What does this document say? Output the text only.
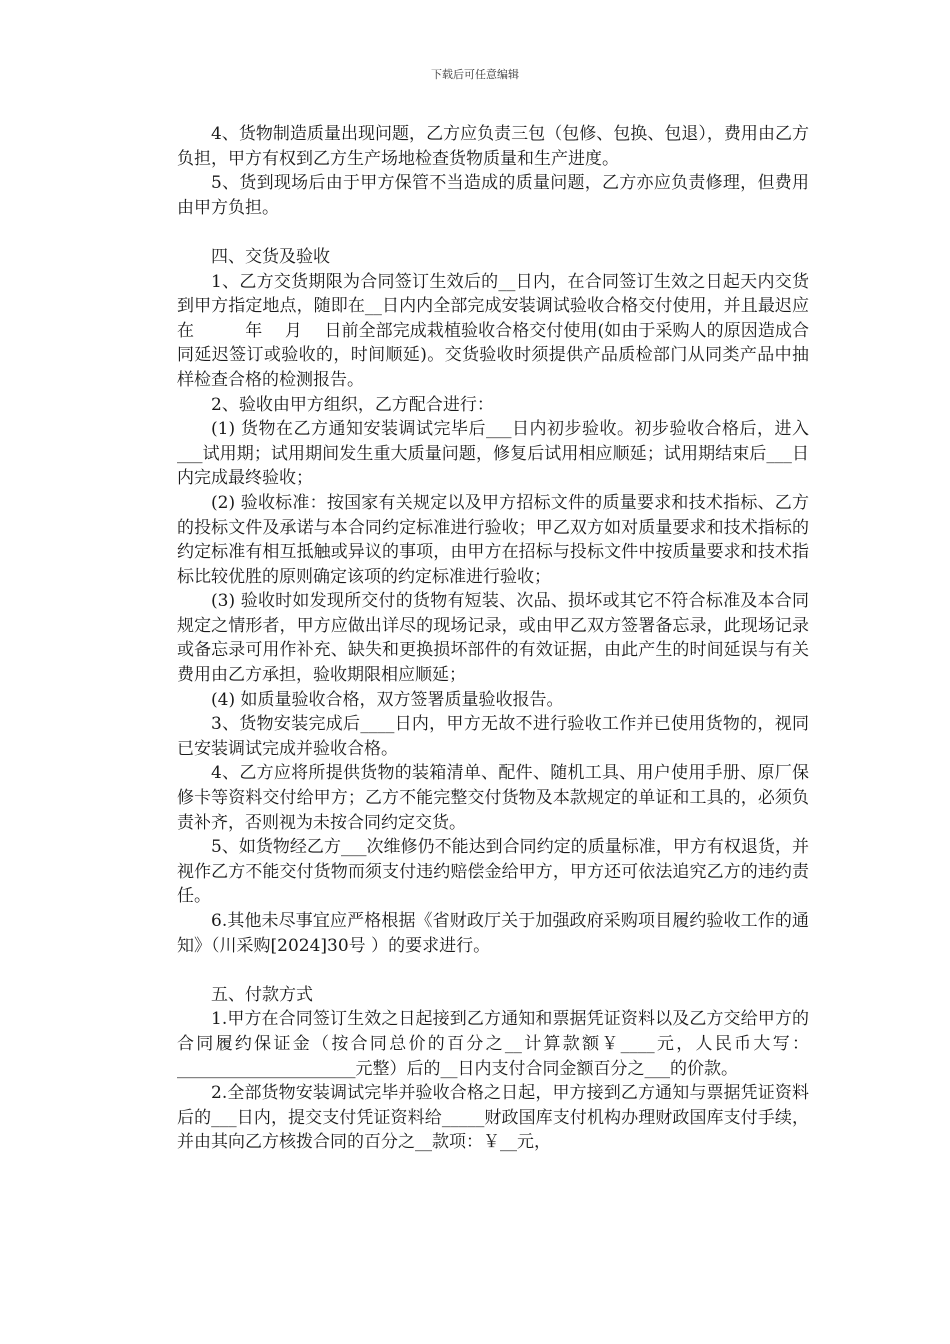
下载后可任意编辑

4、货物制造质量出现问题，乙方应负责三包（包修、包换、包退），费用由乙方负担，甲方有权到乙方生产场地检查货物质量和生产进度。

5、货到现场后由于甲方保管不当造成的质量问题，乙方亦应负责修理，但费用由甲方负担。

四、交货及验收

1、乙方交货期限为合同签订生效后的__日内，在合同签订生效之日起天内交货到甲方指定地点，随即在__日内内全部完成安装调试验收合格交付使用，并且最迟应在　　　年　 月　 日前全部完成栽植验收合格交付使用(如由于采购人的原因造成合同延迟签订或验收的，时间顺延)。交货验收时须提供产品质检部门从同类产品中抽样检查合格的检测报告。

2、验收由甲方组织，乙方配合进行：

(1) 货物在乙方通知安装调试完毕后___日内初步验收。初步验收合格后，进入___试用期；试用期间发生重大质量问题，修复后试用相应顺延；试用期结束后___日内完成最终验收；

(2) 验收标准：按国家有关规定以及甲方招标文件的质量要求和技术指标、乙方的投标文件及承诺与本合同约定标准进行验收；甲乙双方如对质量要求和技术指标的约定标准有相互抵触或异议的事项，由甲方在招标与投标文件中按质量要求和技术指标比较优胜的原则确定该项的约定标准进行验收；

(3) 验收时如发现所交付的货物有短装、次品、损坏或其它不符合标准及本合同规定之情形者，甲方应做出详尽的现场记录，或由甲乙双方签署备忘录，此现场记录或备忘录可用作补充、缺失和更换损坏部件的有效证据，由此产生的时间延误与有关费用由乙方承担，验收期限相应顺延；

(4) 如质量验收合格，双方签署质量验收报告。

3、货物安装完成后____日内，甲方无故不进行验收工作并已使用货物的，视同已安装调试完成并验收合格。

4、乙方应将所提供货物的装箱清单、配件、随机工具、用户使用手册、原厂保修卡等资料交付给甲方；乙方不能完整交付货物及本款规定的单证和工具的，必须负责补齐，否则视为未按合同约定交货。

5、如货物经乙方___次维修仍不能达到合同约定的质量标准，甲方有权退货，并视作乙方不能交付货物而须支付违约赔偿金给甲方，甲方还可依法追究乙方的违约责任。

6.其他未尽事宜应严格根据《省财政厅关于加强政府采购项目履约验收工作的通知》（川采购[2024]30号 ）的要求进行。

五、付款方式

1.甲方在合同签订生效之日起接到乙方通知和票据凭证资料以及乙方交给甲方的合同履约保证金（按合同总价的百分之__计算款额￥____元，人民币大写：_____________________元整）后的__日内支付合同金额百分之___的价款。

2.全部货物安装调试完毕并验收合格之日起，甲方接到乙方通知与票据凭证资料后的___日内，提交支付凭证资料给_____财政国库支付机构办理财政国库支付手续，并由其向乙方核拨合同的百分之__款项：￥__元，
